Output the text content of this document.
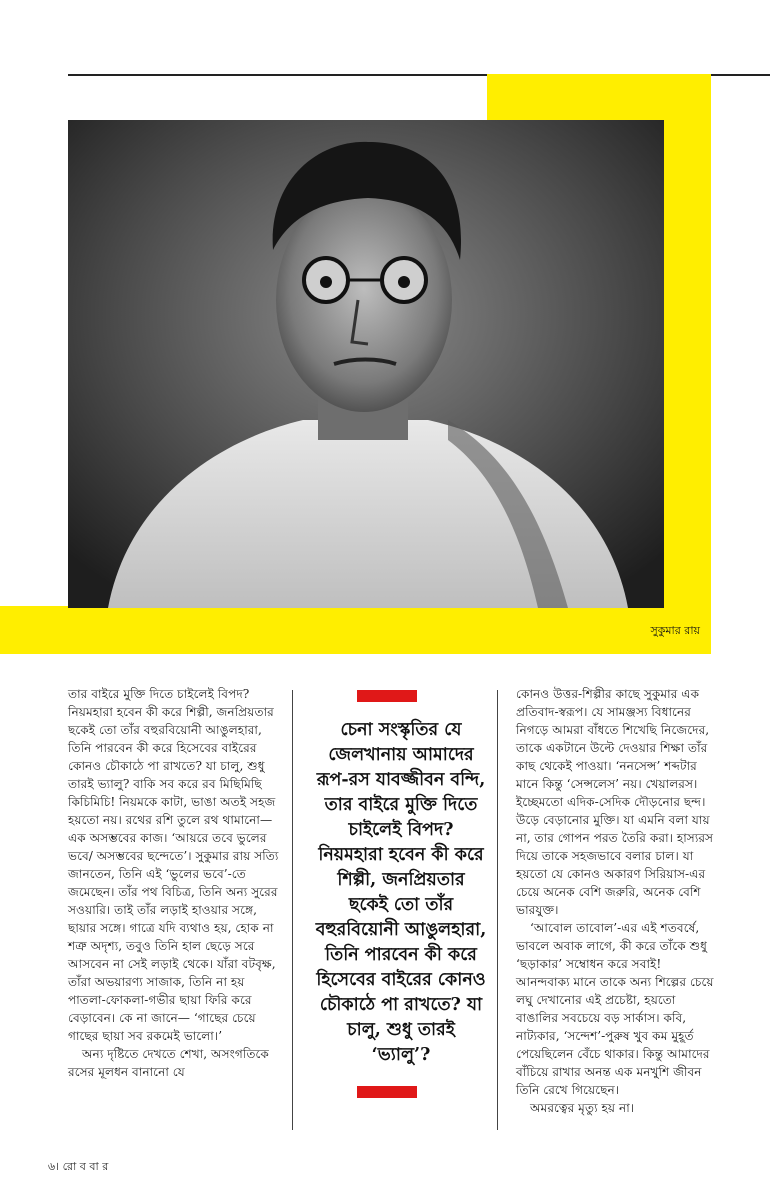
সুকুমার রায়

তার বাইরে মুক্তি দিতে চাইলেই বিপদ? নিয়মহারা হবেন কী করে শিল্পী, জনপ্রিয়তার ছকেই তো তাঁর বহুরবিয়োনী আঙুলহারা, তিনি পারবেন কী করে হিসেবের বাইরের কোনও চৌকাঠে পা রাখতে? যা চালু, শুধু তারই ভ্যালু? বাকি সব করে রব মিছিমিছি কিচিমিচি! নিয়মকে কাটা, ভাঙা অতই সহজ হয়তো নয়। রথের রশি তুলে রথ থামানো— এক অসম্ভবের কাজ। ‘আয়রে তবে ভুলের ভবে/ অসম্ভবের ছন্দেতে’। সুকুমার রায় সত্যি জানতেন, তিনি এই ‘ভুলের ভবে’-তে জমেছেন। তাঁর পথ বিচিত্র, তিনি অন্য সুরের সওয়ারি। তাই তাঁর লড়াই হাওয়ার সঙ্গে, ছায়ার সঙ্গে। গাত্রে যদি ব্যথাও হয়, হোক না শত্রু অদৃশ্য, তবুও তিনি হাল ছেড়ে সরে আসবেন না সেই লড়াই থেকে। যাঁরা বটবৃক্ষ, তাঁরা অভয়ারণ্য সাজাক, তিনি না হয় পাতলা-ফোকলা-গভীর ছায়া ফিরি করে বেড়াবেন। কে না জানে— ‘গাছের চেয়ে গাছের ছায়া সব রকমেই ভালো।’

অন্য দৃষ্টিতে দেখতে শেখা, অসংগতিকে রসের মূলধন বানানো যে

চেনা সংস্কৃতির যে জেলখানায় আমাদের রূপ-রস যাবজ্জীবন বন্দি, তার বাইরে মুক্তি দিতে চাইলেই বিপদ? নিয়মহারা হবেন কী করে শিল্পী, জনপ্রিয়তার ছকেই তো তাঁর বহুরবিয়োনী আঙুলহারা, তিনি পারবেন কী করে হিসেবের বাইরের কোনও চৌকাঠে পা রাখতে? যা চালু, শুধু তারই ‘ভ্যালু’?

কোনও উত্তর-শিল্পীর কাছে সুকুমার এক প্রতিবাদ-স্বরূপ। যে সামঞ্জস্য বিধানের নিগড়ে আমরা বাঁধতে শিখেছি নিজেদের, তাকে একটানে উল্টে দেওয়ার শিক্ষা তাঁর কাছ থেকেই পাওয়া। ‘ননসেন্স’ শব্দটার মানে কিন্তু ‘সেন্সলেস’ নয়। খেয়ালরস। ইচ্ছেমতো এদিক-সেদিক দৌড়নোর ছন্দ। উড়ে বেড়ানোর মুক্তি। যা এমনি বলা যায় না, তার গোপন পরত তৈরি করা। হাস্যরস দিয়ে তাকে সহজভাবে বলার চাল। যা হয়তো যে কোনও অকারণ সিরিয়াস-এর চেয়ে অনেক বেশি জরুরি, অনেক বেশি ভারযুক্ত।

‘আবোল তাবোল’-এর এই শতবর্ষে, ভাবলে অবাক লাগে, কী করে তাঁকে শুধু ‘ছড়াকার’ সম্বোধন করে সবাই! আনন্দবাক্য মানে তাকে অন্য শিল্পের চেয়ে লঘু দেখানোর এই প্রচেষ্টা, হয়তো বাঙালির সবচেয়ে বড় সার্কাস। কবি, নাট্যকার, ‘সন্দেশ’-পুরুষ খুব কম মুহূর্ত পেয়েছিলেন বেঁচে থাকার। কিন্তু আমাদের বাঁচিয়ে রাখার অনন্ত এক মনখুশি জীবন তিনি রেখে গিয়েছেন।

অমরত্বের মৃত্যু হয় না।

৬। রো ব বা র
